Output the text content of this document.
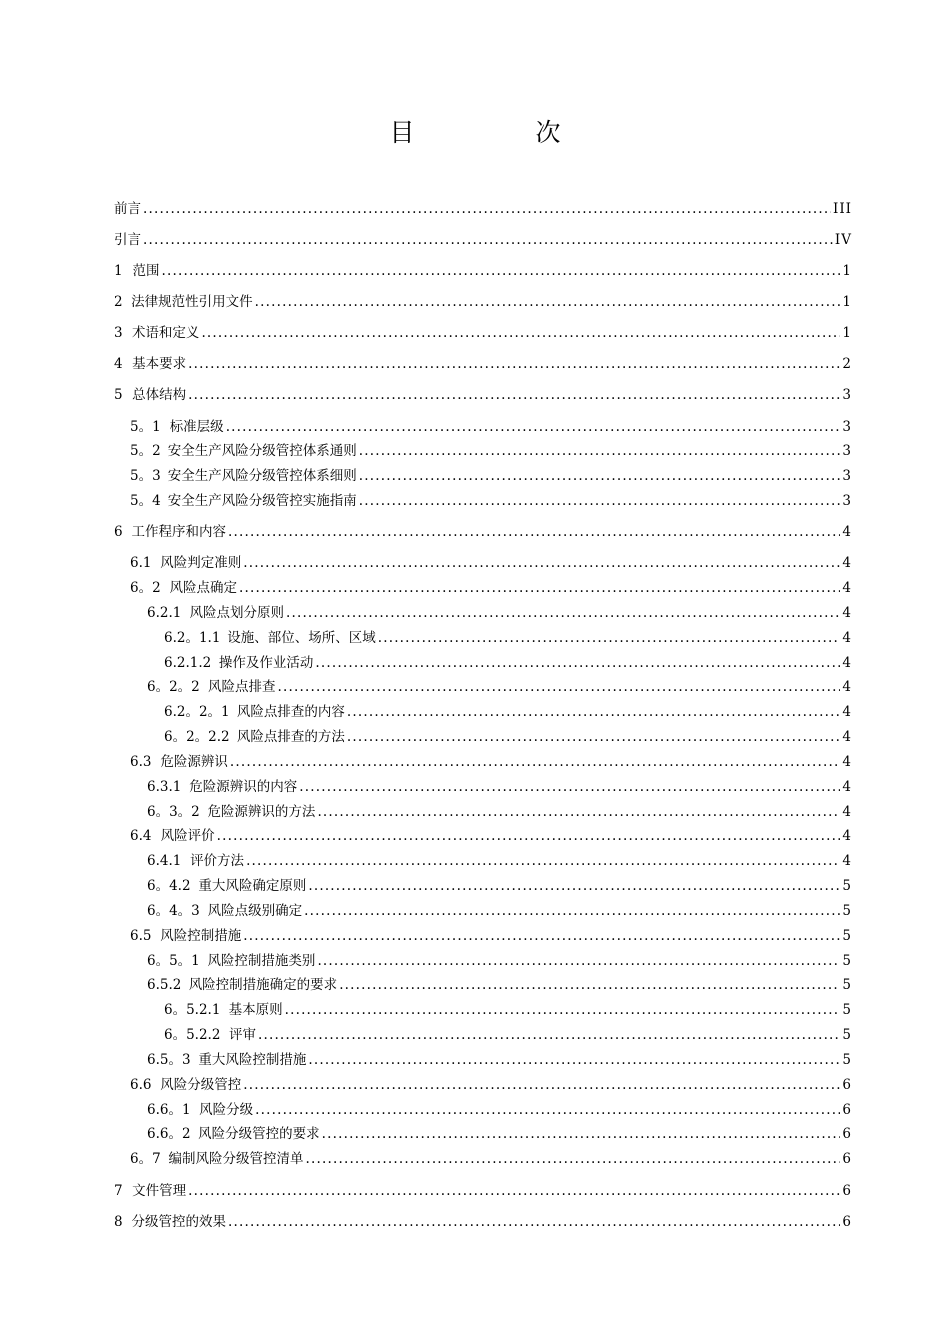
目　次
前言 .....	III
引言 .....	IV
1 范围 .....	1
2 法律规范性引用文件 .....	1
3 术语和定义 .....	1
4 基本要求 .....	2
5 总体结构 .....	3
5。1 标准层级 .....	3
5。2 安全生产风险分级管控体系通则 .....	3
5。3 安全生产风险分级管控体系细则 .....	3
5。4 安全生产风险分级管控实施指南 .....	3
6 工作程序和内容 .....	4
6.1 风险判定准则 .....	4
6。2 风险点确定 .....	4
6.2.1 风险点划分原则 .....	4
6.2。1.1 设施、部位、场所、区域 .....	4
6.2.1.2 操作及作业活动 .....	4
6。2。2 风险点排查 .....	4
6.2。2。1 风险点排查的内容 .....	4
6。2。2.2 风险点排查的方法 .....	4
6.3 危险源辨识 .....	4
6.3.1 危险源辨识的内容 .....	4
6。3。2 危险源辨识的方法 .....	4
6.4 风险评价 .....	4
6.4.1 评价方法 .....	4
6。4.2 重大风险确定原则 .....	5
6。4。3 风险点级别确定 .....	5
6.5 风险控制措施 .....	5
6。5。1 风险控制措施类别 .....	5
6.5.2 风险控制措施确定的要求 .....	5
6。5.2.1 基本原则 .....	5
6。5.2.2 评审 .....	5
6.5。3 重大风险控制措施 .....	5
6.6 风险分级管控 .....	6
6.6。1 风险分级 .....	6
6.6。2 风险分级管控的要求 .....	6
6。7 编制风险分级管控清单 .....	6
7 文件管理 .....	6
8 分级管控的效果 .....	6
